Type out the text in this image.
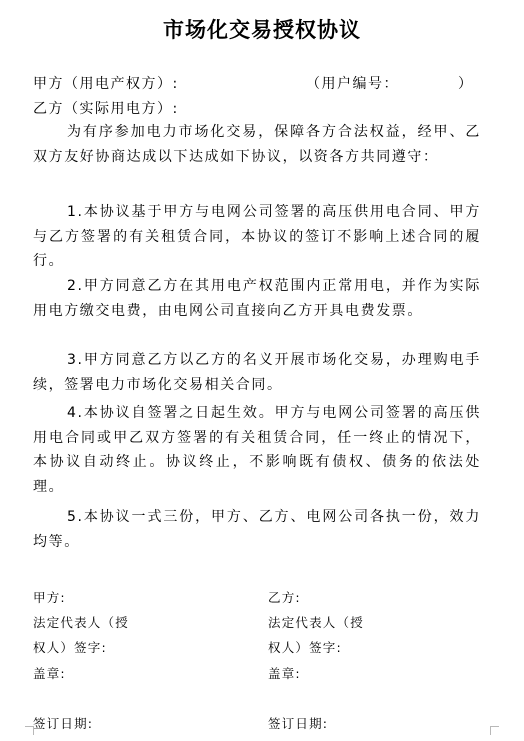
市场化交易授权协议
甲方（用电产权方）:	（用户编号：	）
乙方（实际用电方）:
为有序参加电力市场化交易，保障各方合法权益，经甲、乙双方友好协商达成以下达成如下协议，以资各方共同遵守：
1.本协议基于甲方与电网公司签署的高压供用电合同、甲方与乙方签署的有关租赁合同，本协议的签订不影响上述合同的履行。
2.甲方同意乙方在其用电产权范围内正常用电，并作为实际用电方缴交电费，由电网公司直接向乙方开具电费发票。
3.甲方同意乙方以乙方的名义开展市场化交易，办理购电手续，签署电力市场化交易相关合同。
4.本协议自签署之日起生效。甲方与电网公司签署的高压供用电合同或甲乙双方签署的有关租赁合同，任一终止的情况下，本协议自动终止。协议终止，不影响既有债权、债务的依法处理。
5.本协议一式三份，甲方、乙方、电网公司各执一份，效力均等。
甲方:
法定代表人（授
权人）签字:
盖章:
签订日期:
乙方:
法定代表人（授
权人）签字:
盖章:
签订日期:
